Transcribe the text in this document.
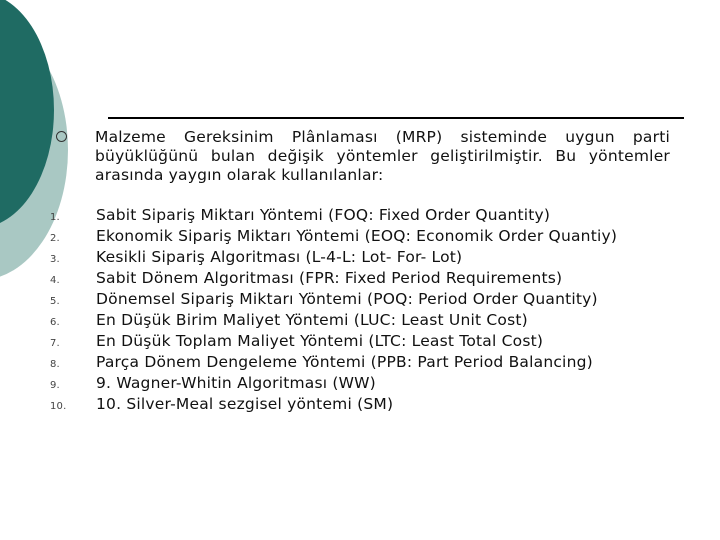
Malzeme Gereksinim Plânlaması (MRP) sisteminde uygun parti büyüklüğünü bulan değişik yöntemler geliştirilmiştir. Bu yöntemler arasında yaygın olarak kullanılanlar:
1.	Sabit Sipariş Miktarı Yöntemi (FOQ: Fixed Order Quantity)
2.	Ekonomik Sipariş Miktarı Yöntemi (EOQ: Economik Order Quantiy)
3.	Kesikli Sipariş Algoritması (L-4-L: Lot- For- Lot)
4.	Sabit Dönem Algoritması (FPR: Fixed Period Requirements)
5.	Dönemsel Sipariş Miktarı Yöntemi (POQ: Period Order Quantity)
6.	En Düşük Birim Maliyet Yöntemi (LUC: Least Unit Cost)
7.	En Düşük Toplam Maliyet Yöntemi (LTC: Least Total Cost)
8.	Parça Dönem Dengeleme Yöntemi (PPB: Part Period Balancing)
9.	9. Wagner-Whitin Algoritması (WW)
10.	10. Silver-Meal sezgisel yöntemi (SM)
